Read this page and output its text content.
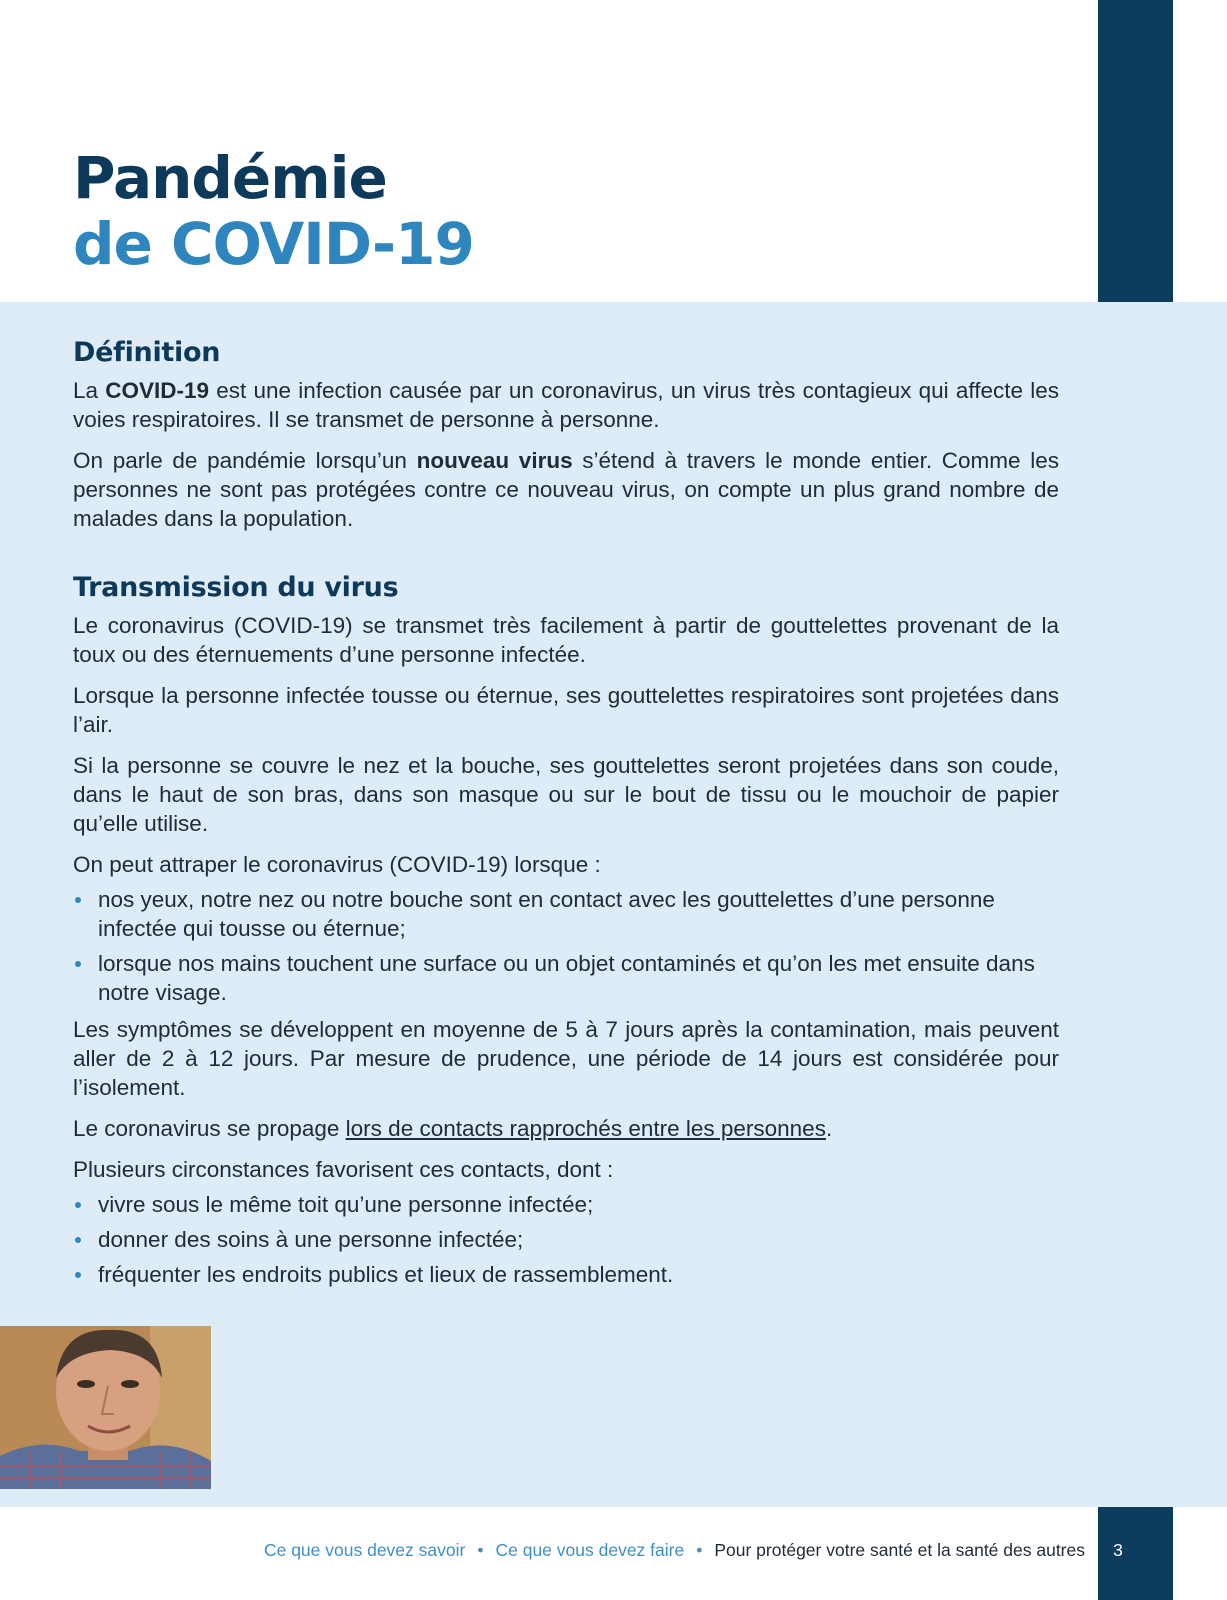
Pandémie
de COVID-19
Définition

La COVID-19 est une infection causée par un coronavirus, un virus très contagieux qui affecte les voies respiratoires. Il se transmet de personne à personne.

On parle de pandémie lorsqu’un nouveau virus s’étend à travers le monde entier. Comme les personnes ne sont pas protégées contre ce nouveau virus, on compte un plus grand nombre de malades dans la population.

Transmission du virus

Le coronavirus (COVID-19) se transmet très facilement à partir de gouttelettes provenant de la toux ou des éternuements d’une personne infectée.

Lorsque la personne infectée tousse ou éternue, ses gouttelettes respiratoires sont projetées dans l’air.

Si la personne se couvre le nez et la bouche, ses gouttelettes seront projetées dans son coude, dans le haut de son bras, dans son masque ou sur le bout de tissu ou le mouchoir de papier qu’elle utilise.

On peut attraper le coronavirus (COVID-19) lorsque :

nos yeux, notre nez ou notre bouche sont en contact avec les gouttelettes d’une personne infectée qui tousse ou éternue;
lorsque nos mains touchent une surface ou un objet contaminés et qu’on les met ensuite dans notre visage.

Les symptômes se développent en moyenne de 5 à 7 jours après la contamination, mais peuvent aller de 2 à 12 jours. Par mesure de prudence, une période de 14 jours est considérée pour l’isolement.

Le coronavirus se propage lors de contacts rapprochés entre les personnes.

Plusieurs circonstances favorisent ces contacts, dont :

vivre sous le même toit qu’une personne infectée;
donner des soins à une personne infectée;
fréquenter les endroits publics et lieux de rassemblement.
Ce que vous devez savoir • Ce que vous devez faire • Pour protéger votre santé et la santé des autres	3
